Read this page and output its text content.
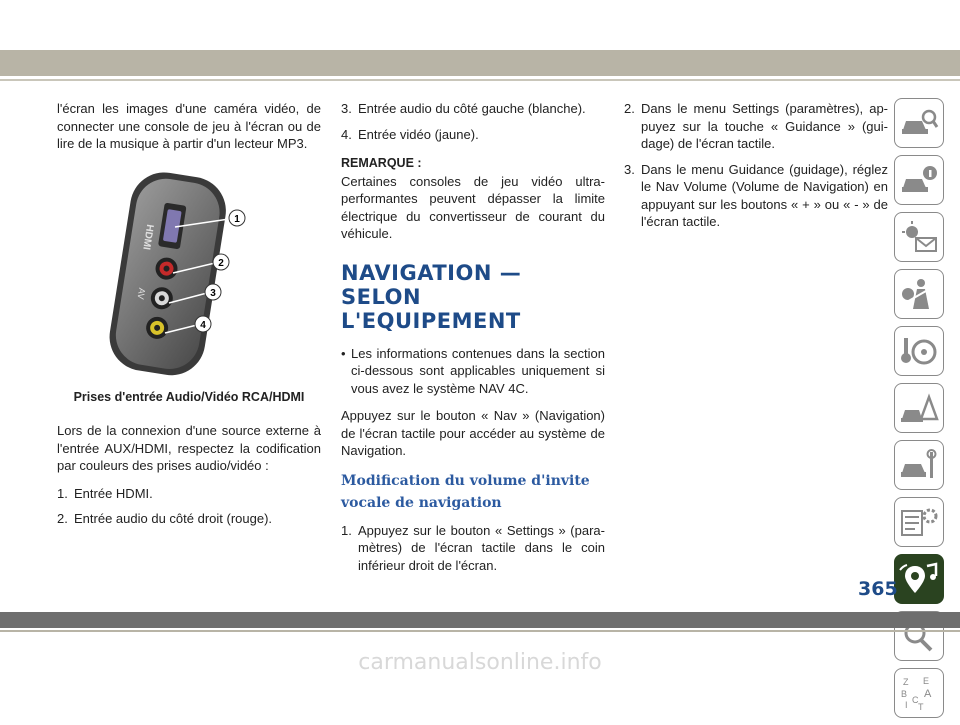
l'écran les images d'une caméra vidéo, de connecter une console de jeu à l'écran ou de lire de la musique à partir d'un lecteur MP3.

HDMI
AV
1
2
3
4
Prises d'entrée Audio/Vidéo RCA/HDMI

Lors de la connexion d'une source externe à l'entrée AUX/HDMI, respectez la codification par couleurs des prises audio/vidéo :

1. Entrée HDMI.
2. Entrée audio du côté droit (rouge).
3. Entrée audio du côté gauche (blanche).
4. Entrée vidéo (jaune).
REMARQUE :

Certaines consoles de jeu vidéo ultra-performantes peuvent dépasser la limite électrique du convertisseur de courant du véhicule.

NAVIGATION —
SELON L'EQUIPEMENT
• Les informations contenues dans la section ci-dessous sont applicables uniquement si vous avez le système NAV 4C.

Appuyez sur le bouton « Nav » (Navigation) de l'écran tactile pour accéder au système de Navigation.

Modification du volume d'invite vocale de navigation
1. Appuyez sur le bouton « Settings » (para-mètres) de l'écran tactile dans le coin inférieur droit de l'écran.
2. Dans le menu Settings (paramètres), ap-puyez sur la touche « Guidance » (gui-dage) de l'écran tactile.
3. Dans le menu Guidance (guidage), réglez le Nav Volume (Volume de Navigation) en appuyant sur les boutons « + » ou « - » de l'écran tactile.
Z E
B A
I C
T
365
carmanualsonline.info
